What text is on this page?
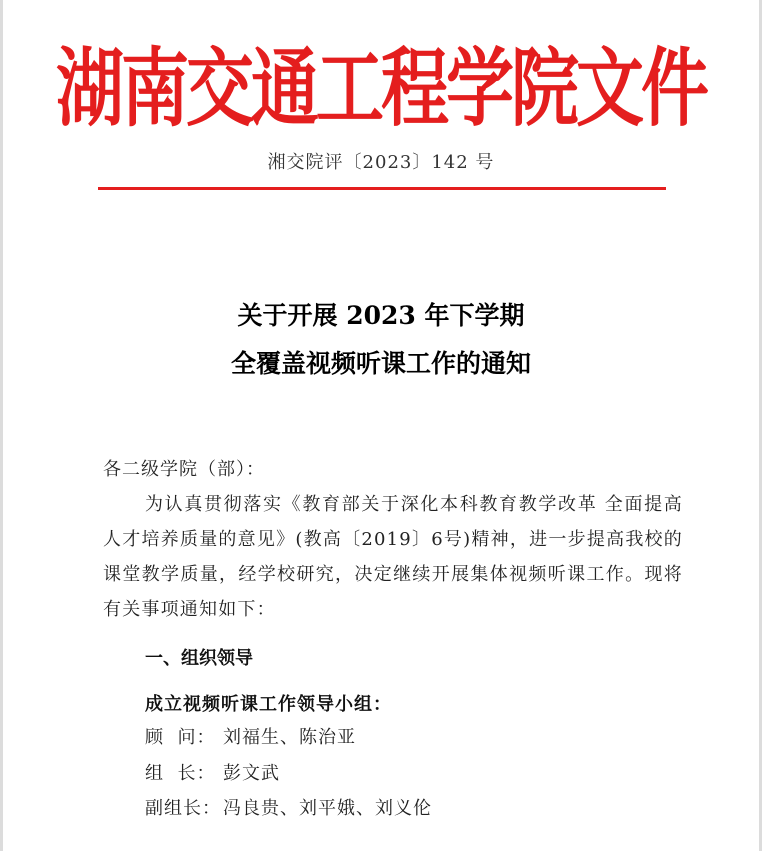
湖南交通工程学院文件
湘交院评〔2023〕142 号
关于开展 2023 年下学期
全覆盖视频听课工作的通知
各二级学院（部）：
为认真贯彻落实《教育部关于深化本科教育教学改革 全面提高人才培养质量的意见》(教高〔2019〕6号)精神，进一步提高我校的课堂教学质量，经学校研究，决定继续开展集体视频听课工作。现将有关事项通知如下：
一、组织领导
成立视频听课工作领导小组：
顾  问： 刘福生、陈治亚
组  长： 彭文武
副组长： 冯良贵、刘平娥、刘义伦
